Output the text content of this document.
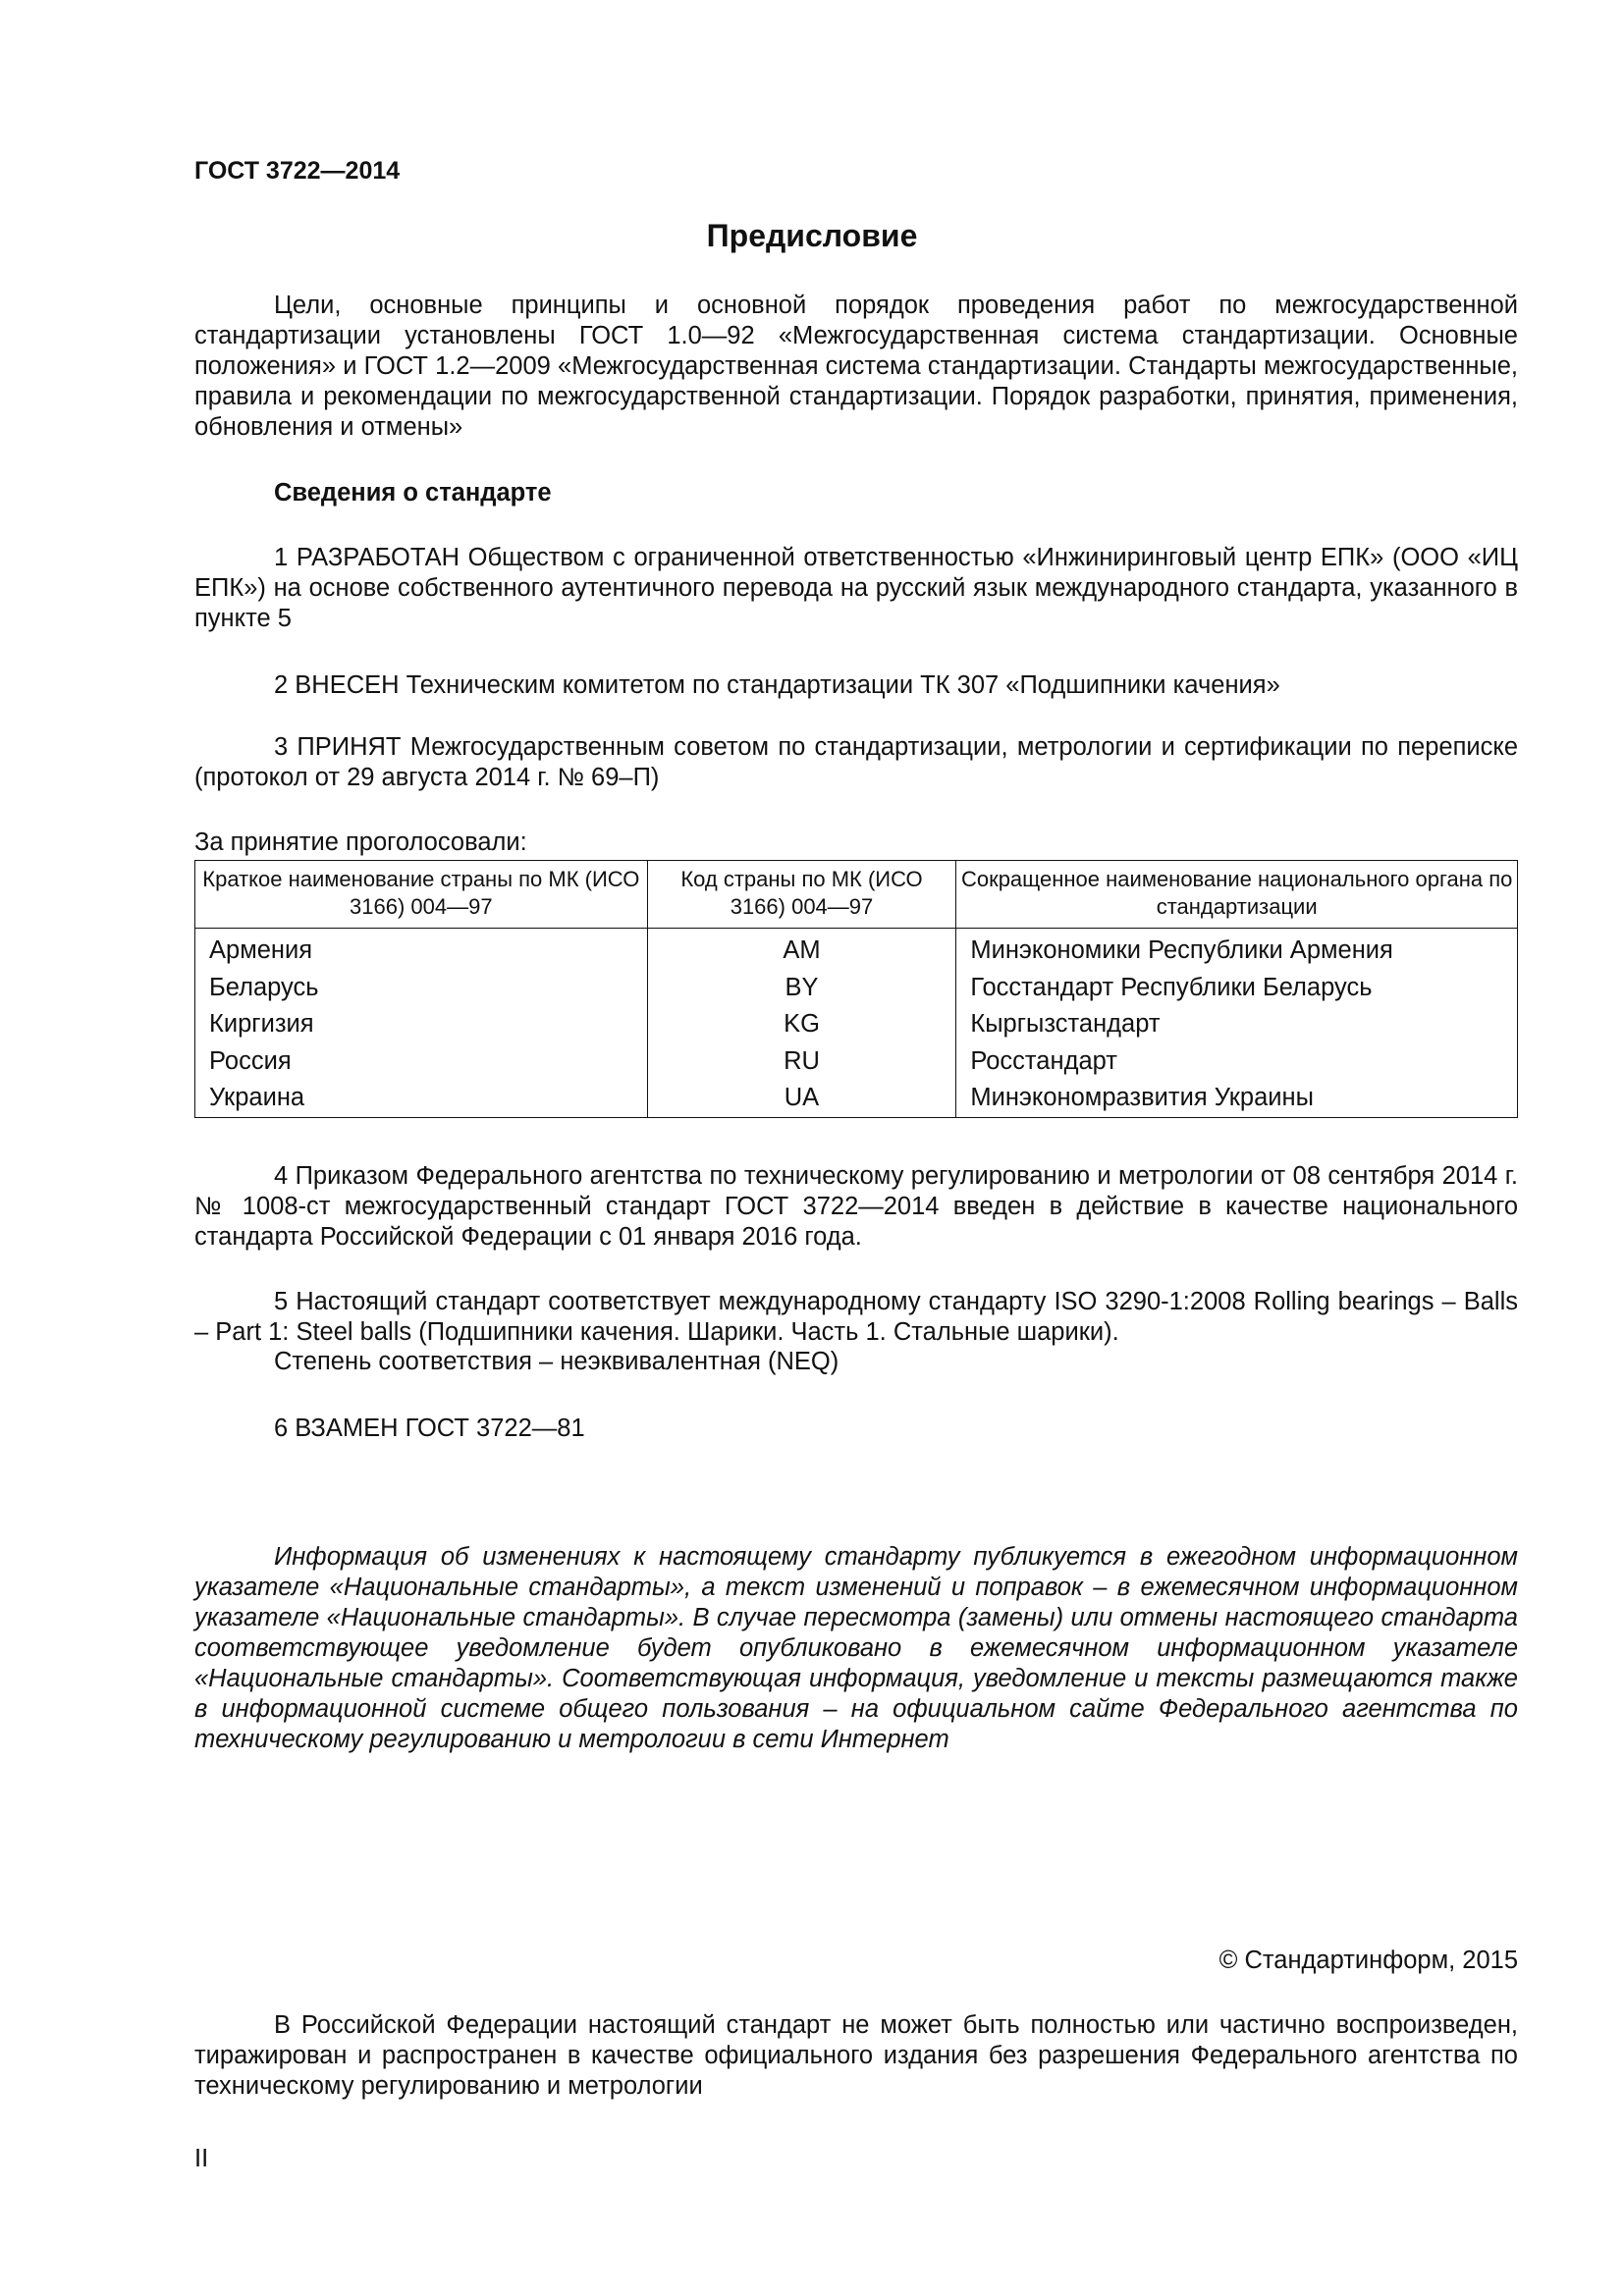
ГОСТ 3722—2014
Предисловие
Цели, основные принципы и основной порядок проведения работ по межгосударственной стандартизации установлены ГОСТ 1.0—92 «Межгосударственная система стандартизации. Основные положения» и ГОСТ 1.2—2009 «Межгосударственная система стандартизации. Стандарты межгосударственные, правила и рекомендации по межгосударственной стандартизации. Порядок разработки, принятия, применения, обновления и отмены»
Сведения о стандарте
1 РАЗРАБОТАН Обществом с ограниченной ответственностью «Инжиниринговый центр ЕПК» (ООО «ИЦ ЕПК») на основе собственного аутентичного перевода на русский язык международного стандарта, указанного в пункте 5
2 ВНЕСЕН Техническим комитетом по стандартизации ТК 307 «Подшипники качения»
3 ПРИНЯТ Межгосударственным советом по стандартизации, метрологии и сертификации по переписке (протокол от 29 августа 2014 г. № 69–П)
За принятие проголосовали:
Краткое наименование страны по МК (ИСО 3166) 004—97	Код страны по МК (ИСО 3166) 004—97	Сокращенное наименование национального органа по стандартизации
Армения	AM	Минэкономики Республики Армения
Беларусь	BY	Госстандарт Республики Беларусь
Киргизия	KG	Кыргызстандарт
Россия	RU	Росстандарт
Украина	UA	Минэкономразвития Украины
4 Приказом Федерального агентства по техническому регулированию и метрологии от 08 сентября 2014 г. № 1008-ст межгосударственный стандарт ГОСТ 3722—2014 введен в действие в качестве национального стандарта Российской Федерации с 01 января 2016 года.
5 Настоящий стандарт соответствует международному стандарту ISO 3290-1:2008 Rolling bearings – Balls – Part 1: Steel balls (Подшипники качения. Шарики. Часть 1. Стальные шарики).
Степень соответствия – неэквивалентная (NEQ)
6 ВЗАМЕН ГОСТ 3722—81
Информация об изменениях к настоящему стандарту публикуется в ежегодном информационном указателе «Национальные стандарты», а текст изменений и поправок – в ежемесячном информационном указателе «Национальные стандарты». В случае пересмотра (замены) или отмены настоящего стандарта соответствующее уведомление будет опубликовано в ежемесячном информационном указателе «Национальные стандарты». Соответствующая информация, уведомление и тексты размещаются также в информационной системе общего пользования – на официальном сайте Федерального агентства по техническому регулированию и метрологии в сети Интернет
© Стандартинформ, 2015
В Российской Федерации настоящий стандарт не может быть полностью или частично воспроизведен, тиражирован и распространен в качестве официального издания без разрешения Федерального агентства по техническому регулированию и метрологии
II
